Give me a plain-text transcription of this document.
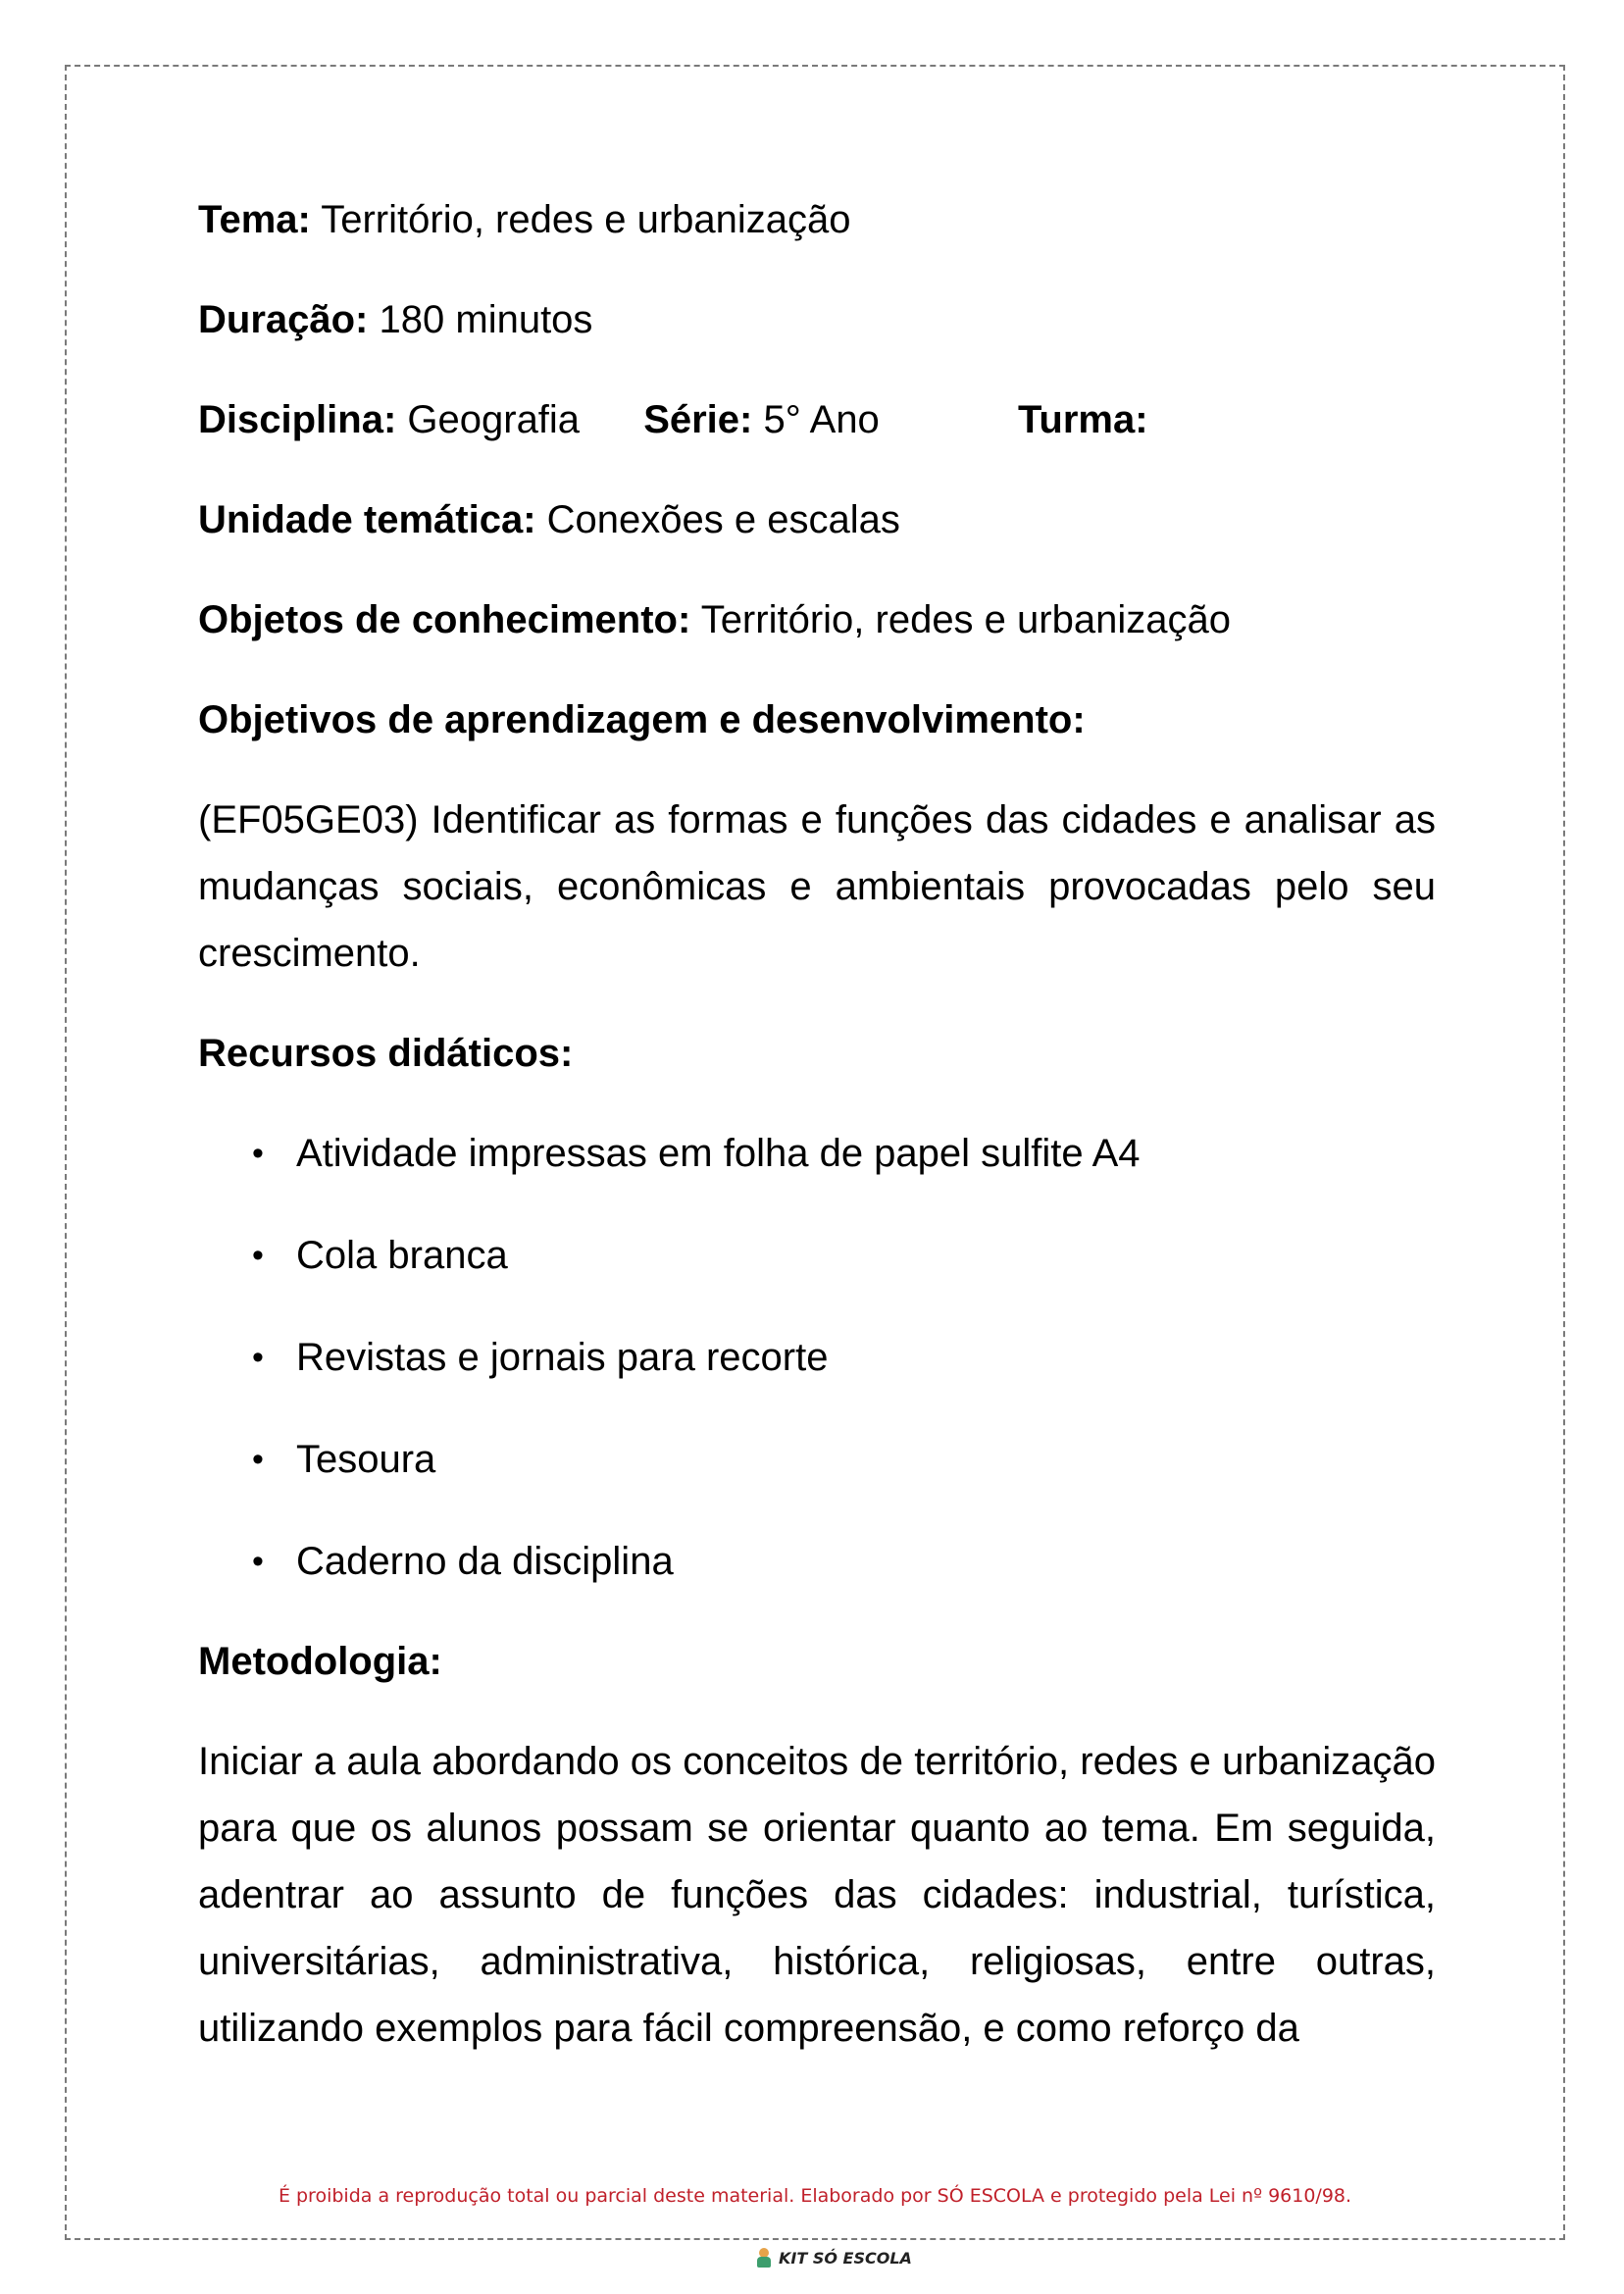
Tema: Território, redes e urbanização
Duração: 180 minutos
Disciplina: Geografia Série: 5° Ano	Turma:
Unidade temática: Conexões e escalas
Objetos de conhecimento: Território, redes e urbanização
Objetivos de aprendizagem e desenvolvimento:
(EF05GE03) Identificar as formas e funções das cidades e analisar as mudanças sociais, econômicas e ambientais provocadas pelo seu crescimento.
Recursos didáticos:
• Atividade impressas em folha de papel sulfite A4
• Cola branca
• Revistas e jornais para recorte
• Tesoura
• Caderno da disciplina
Metodologia:
Iniciar a aula abordando os conceitos de território, redes e urbanização para que os alunos possam se orientar quanto ao tema. Em seguida, adentrar ao assunto de funções das cidades: industrial, turística, universitárias, administrativa, histórica, religiosas, entre outras, utilizando exemplos para fácil compreensão, e como reforço da
É proibida a reprodução total ou parcial deste material. Elaborado por SÓ ESCOLA e protegido pela Lei nº 9610/98.
KIT SÓ ESCOLA
